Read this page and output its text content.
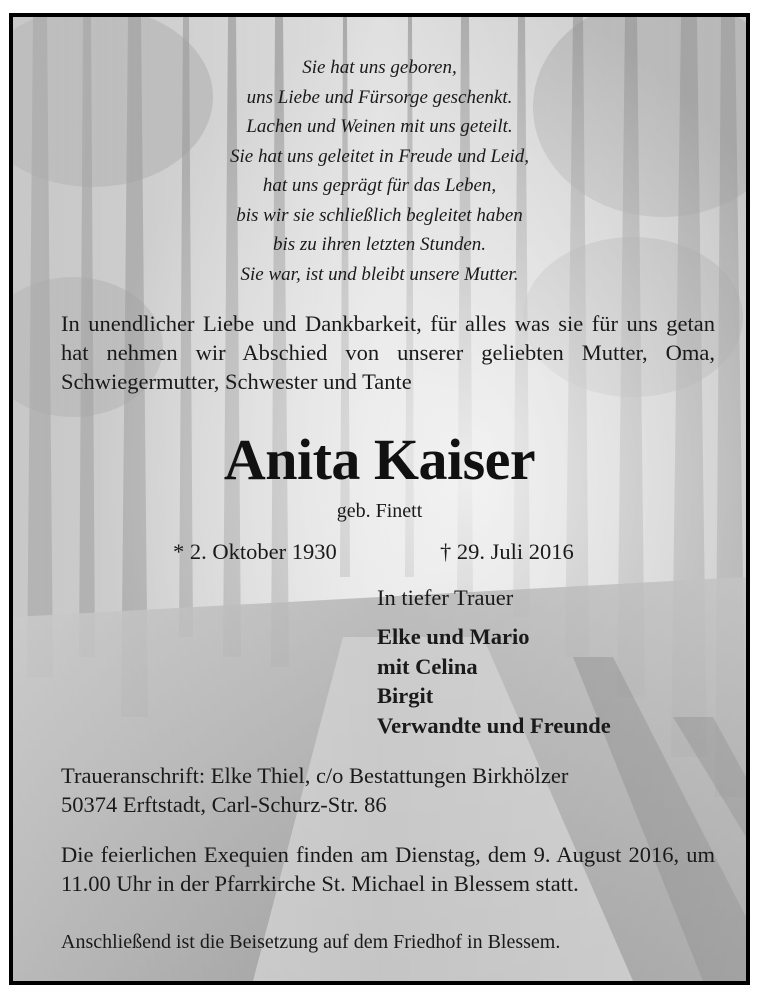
Sie hat uns geboren,
uns Liebe und Fürsorge geschenkt.
Lachen und Weinen mit uns geteilt.
Sie hat uns geleitet in Freude und Leid,
hat uns geprägt für das Leben,
bis wir sie schließlich begleitet haben
bis zu ihren letzten Stunden.
Sie war, ist und bleibt unsere Mutter.
In unendlicher Liebe und Dankbarkeit, für alles was sie für uns getan hat nehmen wir Abschied von unserer geliebten Mutter, Oma, Schwiegermutter, Schwester und Tante
Anita Kaiser
geb. Finett
* 2. Oktober 1930	† 29. Juli 2016
In tiefer Trauer
Elke und Mario
mit Celina
Birgit
Verwandte und Freunde
Traueranschrift: Elke Thiel, c/o Bestattungen Birkhölzer
50374 Erftstadt, Carl-Schurz-Str. 86
Die feierlichen Exequien finden am Dienstag, dem 9. August 2016, um 11.00 Uhr in der Pfarrkirche St. Michael in Blessem statt.
Anschließend ist die Beisetzung auf dem Friedhof in Blessem.
